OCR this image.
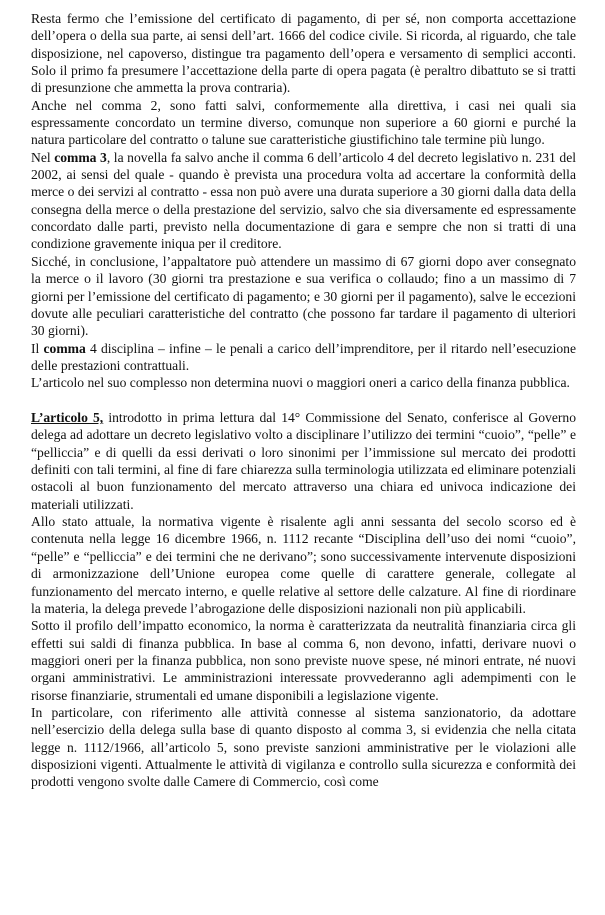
Resta fermo che l’emissione del certificato di pagamento, di per sé, non comporta accettazione dell’opera o della sua parte, ai sensi dell’art. 1666 del codice civile. Si ricorda, al riguardo, che tale disposizione, nel capoverso, distingue tra pagamento dell’opera e versamento di semplici acconti. Solo il primo fa presumere l’accettazione della parte di opera pagata (è peraltro dibattuto se si tratti di presunzione che ammetta la prova contraria).

Anche nel comma 2, sono fatti salvi, conformemente alla direttiva, i casi nei quali sia espressamente concordato un termine diverso, comunque non superiore a 60 giorni e purché la natura particolare del contratto o talune sue caratteristiche giustifichino tale termine più lungo.

Nel comma 3, la novella fa salvo anche il comma 6 dell’articolo 4 del decreto legislativo n. 231 del 2002, ai sensi del quale - quando è prevista una procedura volta ad accertare la conformità della merce o dei servizi al contratto - essa non può avere una durata superiore a 30 giorni dalla data della consegna della merce o della prestazione del servizio, salvo che sia diversamente ed espressamente concordato dalle parti, previsto nella documentazione di gara e sempre che non si tratti di una condizione gravemente iniqua per il creditore.

Sicché, in conclusione, l’appaltatore può attendere un massimo di 67 giorni dopo aver consegnato la merce o il lavoro (30 giorni tra prestazione e sua verifica o collaudo; fino a un massimo di 7 giorni per l’emissione del certificato di pagamento; e 30 giorni per il pagamento), salve le eccezioni dovute alle peculiari caratteristiche del contratto (che possono far tardare il pagamento di ulteriori 30 giorni).

Il comma 4 disciplina – infine – le penali a carico dell’imprenditore, per il ritardo nell’esecuzione delle prestazioni contrattuali.

L’articolo nel suo complesso non determina nuovi o maggiori oneri a carico della finanza pubblica.

L’articolo 5, introdotto in prima lettura dal 14° Commissione del Senato, conferisce al Governo delega ad adottare un decreto legislativo volto a disciplinare l’utilizzo dei termini “cuoio”, “pelle” e “pelliccia” e di quelli da essi derivati o loro sinonimi per l’immissione sul mercato dei prodotti definiti con tali termini, al fine di fare chiarezza sulla terminologia utilizzata ed eliminare potenziali ostacoli al buon funzionamento del mercato attraverso una chiara ed univoca indicazione dei materiali utilizzati.

Allo stato attuale, la normativa vigente è risalente agli anni sessanta del secolo scorso ed è contenuta nella legge 16 dicembre 1966, n. 1112 recante “Disciplina dell’uso dei nomi “cuoio”, “pelle” e “pelliccia” e dei termini che ne derivano”; sono successivamente intervenute disposizioni di armonizzazione dell’Unione europea come quelle di carattere generale, collegate al funzionamento del mercato interno, e quelle relative al settore delle calzature. Al fine di riordinare la materia, la delega prevede l’abrogazione delle disposizioni nazionali non più applicabili.

Sotto il profilo dell’impatto economico, la norma è caratterizzata da neutralità finanziaria circa gli effetti sui saldi di finanza pubblica. In base al comma 6, non devono, infatti, derivare nuovi o maggiori oneri per la finanza pubblica, non sono previste nuove spese, né minori entrate, né nuovi organi amministrativi. Le amministrazioni interessate provvederanno agli adempimenti con le risorse finanziarie, strumentali ed umane disponibili a legislazione vigente.

In particolare, con riferimento alle attività connesse al sistema sanzionatorio, da adottare nell’esercizio della delega sulla base di quanto disposto al comma 3, si evidenzia che nella citata legge n. 1112/1966, all’articolo 5, sono previste sanzioni amministrative per le violazioni alle disposizioni vigenti. Attualmente le attività di vigilanza e controllo sulla sicurezza e conformità dei prodotti vengono svolte dalle Camere di Commercio, così come
